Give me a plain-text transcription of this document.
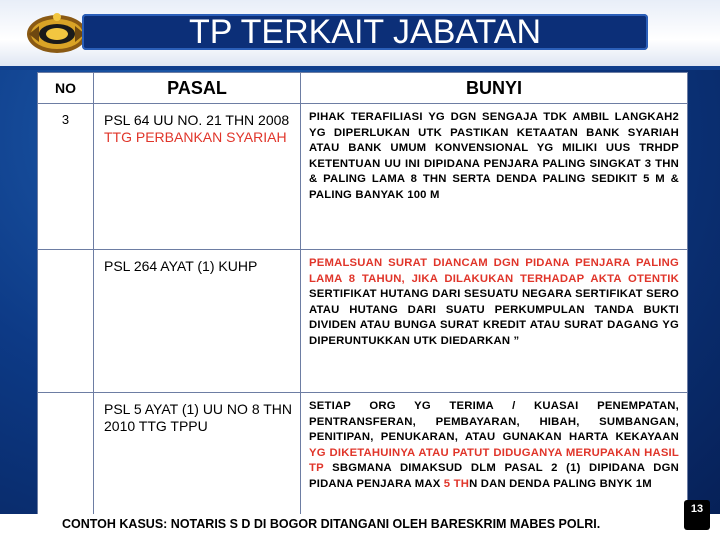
TP TERKAIT JABATAN
NO	PASAL	BUNYI
3	PSL 64 UU NO. 21 THN 2008 TTG PERBANKAN SYARIAH	PIHAK TERAFILIASI YG DGN SENGAJA TDK AMBIL LANGKAH2 YG DIPERLUKAN UTK PASTIKAN KETAATAN BANK SYARIAH ATAU BANK UMUM KONVENSIONAL YG MILIKI UUS TRHDP KETENTUAN UU INI DIPIDANA PENJARA PALING SINGKAT 3 THN & PALING LAMA 8 THN SERTA DENDA PALING SEDIKIT 5 M & PALING BANYAK 100 M
	PSL 264 AYAT (1) KUHP	PEMALSUAN SURAT DIANCAM DGN PIDANA PENJARA PALING LAMA 8 TAHUN, JIKA DILAKUKAN TERHADAP AKTA OTENTIK SERTIFIKAT HUTANG DARI SESUATU NEGARA SERTIFIKAT SERO ATAU HUTANG DARI SUATU PERKUMPULAN TANDA BUKTI DIVIDEN ATAU BUNGA SURAT KREDIT ATAU SURAT DAGANG YG DIPERUNTUKKAN UTK DIEDARKAN ”
	PSL 5 AYAT (1) UU NO 8 THN 2010 TTG TPPU	SETIAP ORG YG TERIMA / KUASAI PENEMPATAN, PENTRANSFERAN, PEMBAYARAN, HIBAH, SUMBANGAN, PENITIPAN, PENUKARAN, ATAU GUNAKAN HARTA KEKAYAAN YG DIKETAHUINYA ATAU PATUT DIDUGANYA MERUPAKAN HASIL TP SBGMANA DIMAKSUD DLM PASAL 2 (1) DIPIDANA DGN PIDANA PENJARA MAX 5 THN DAN DENDA PALING BNYK 1M
CONTOH KASUS: NOTARIS S D DI BOGOR DITANGANI OLEH BARESKRIM MABES POLRI.
13
